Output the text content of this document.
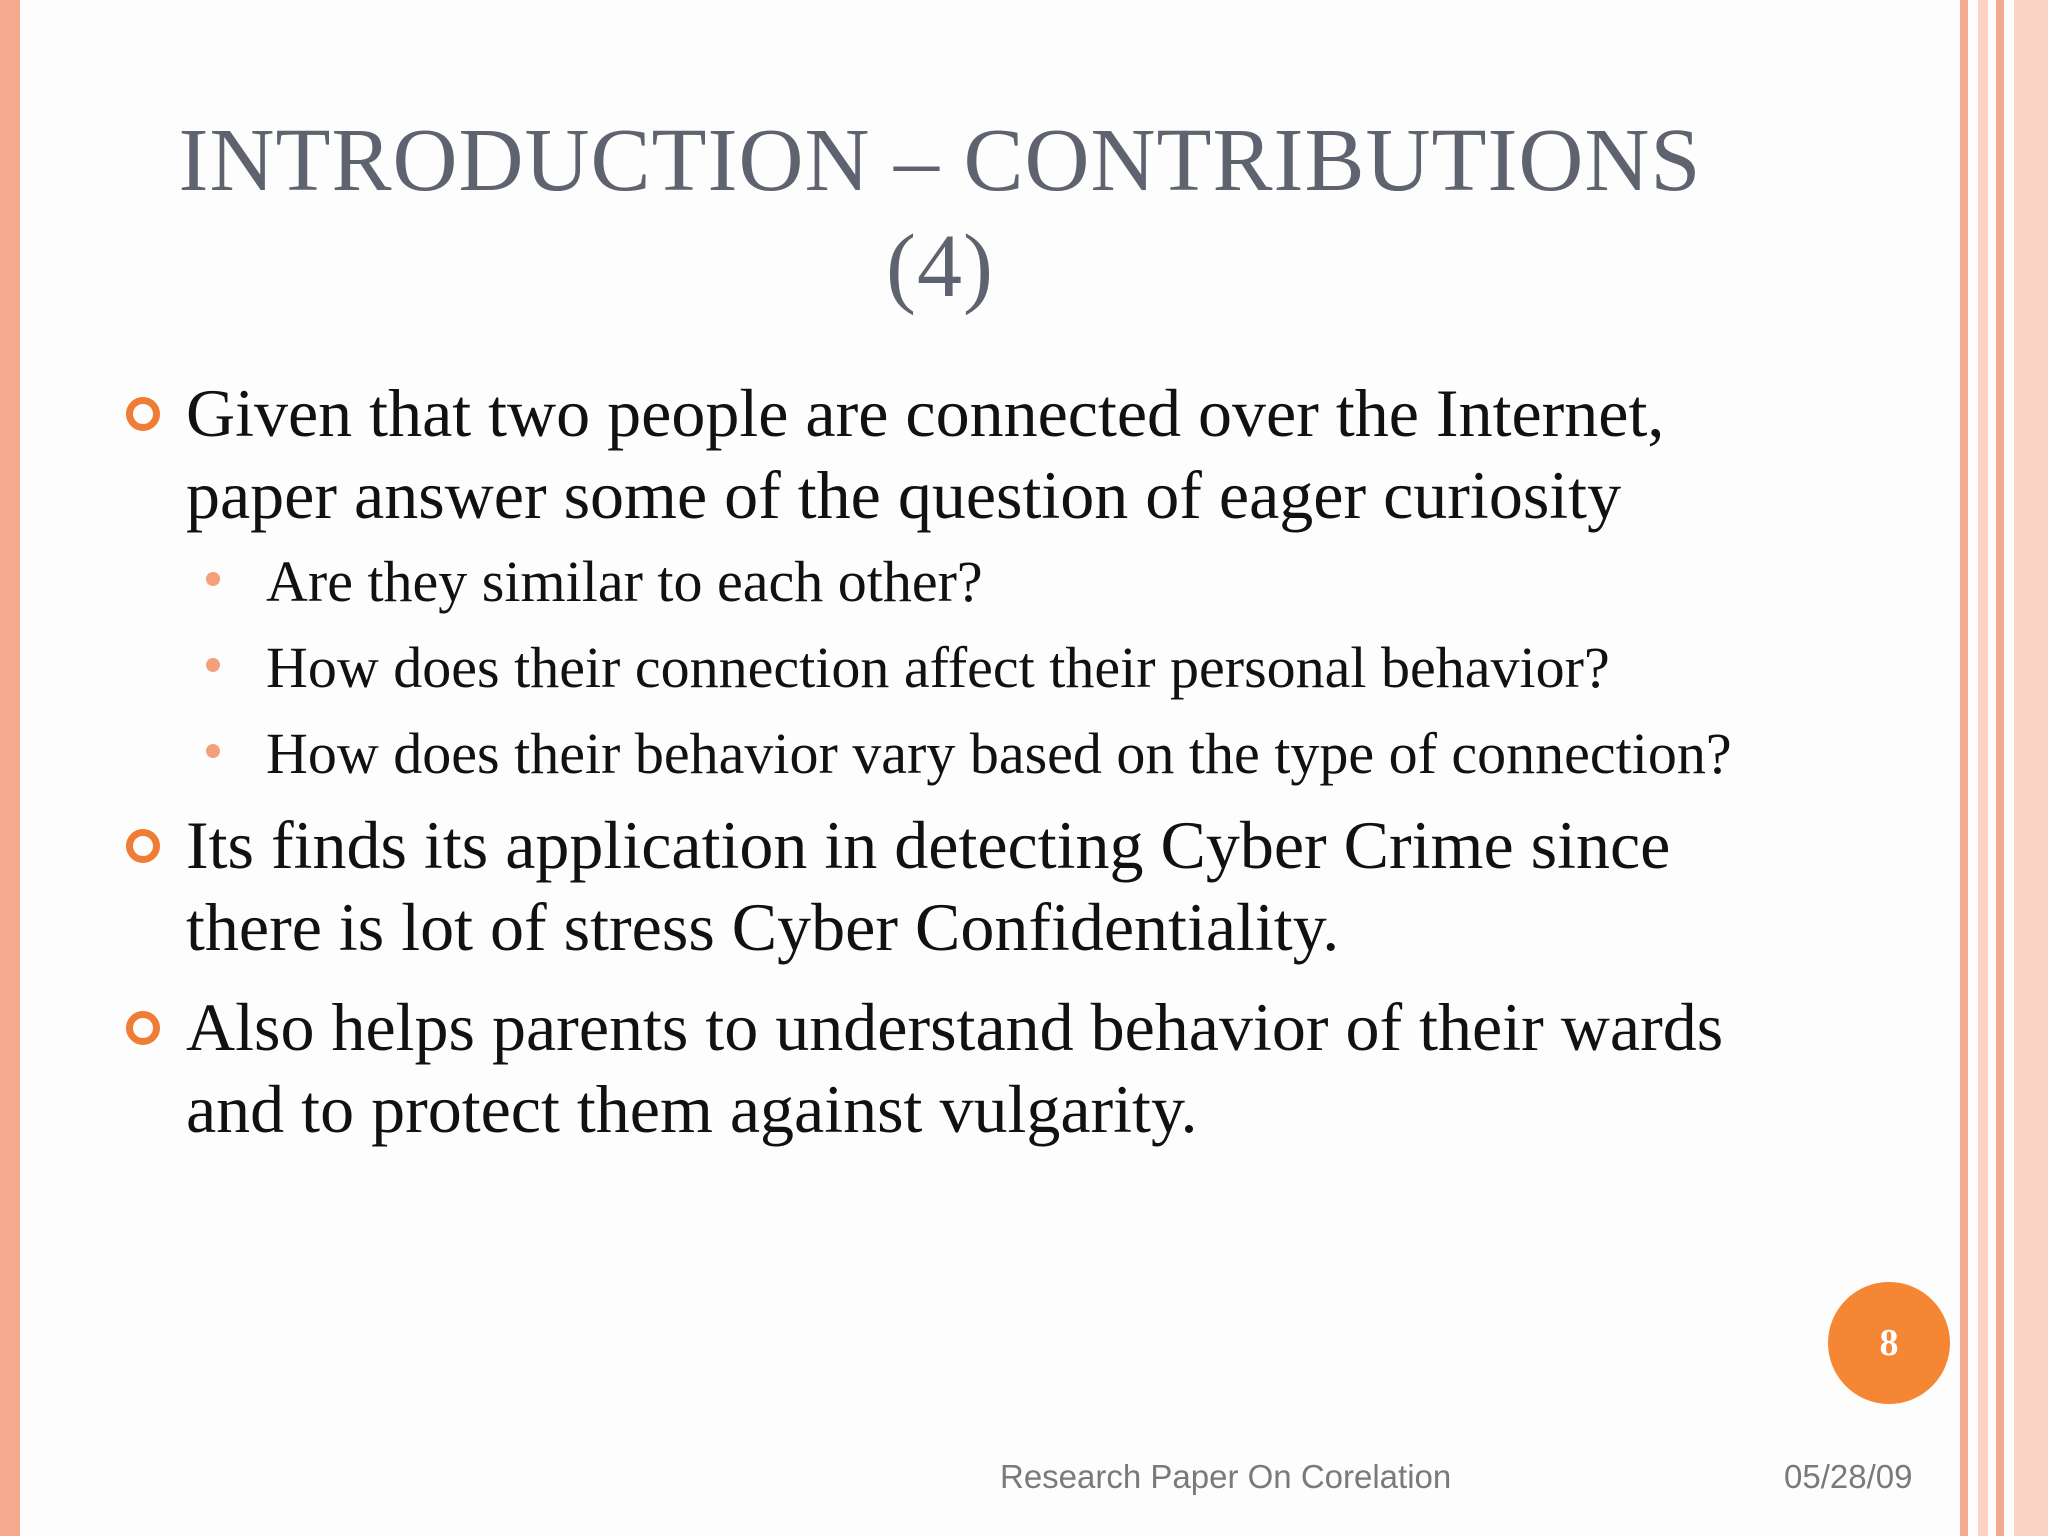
INTRODUCTION – CONTRIBUTIONS
(4)
Given that two people are connected over the Internet, paper answer some of the question of eager curiosity
Are they similar to each other?
How does their connection affect their personal behavior?
How does their behavior vary based on the type of connection?
Its finds its application in detecting Cyber Crime since there is lot of stress Cyber Confidentiality.
Also helps parents to understand behavior of their wards and to protect them against vulgarity.
8
Research Paper On Corelation	05/28/09
